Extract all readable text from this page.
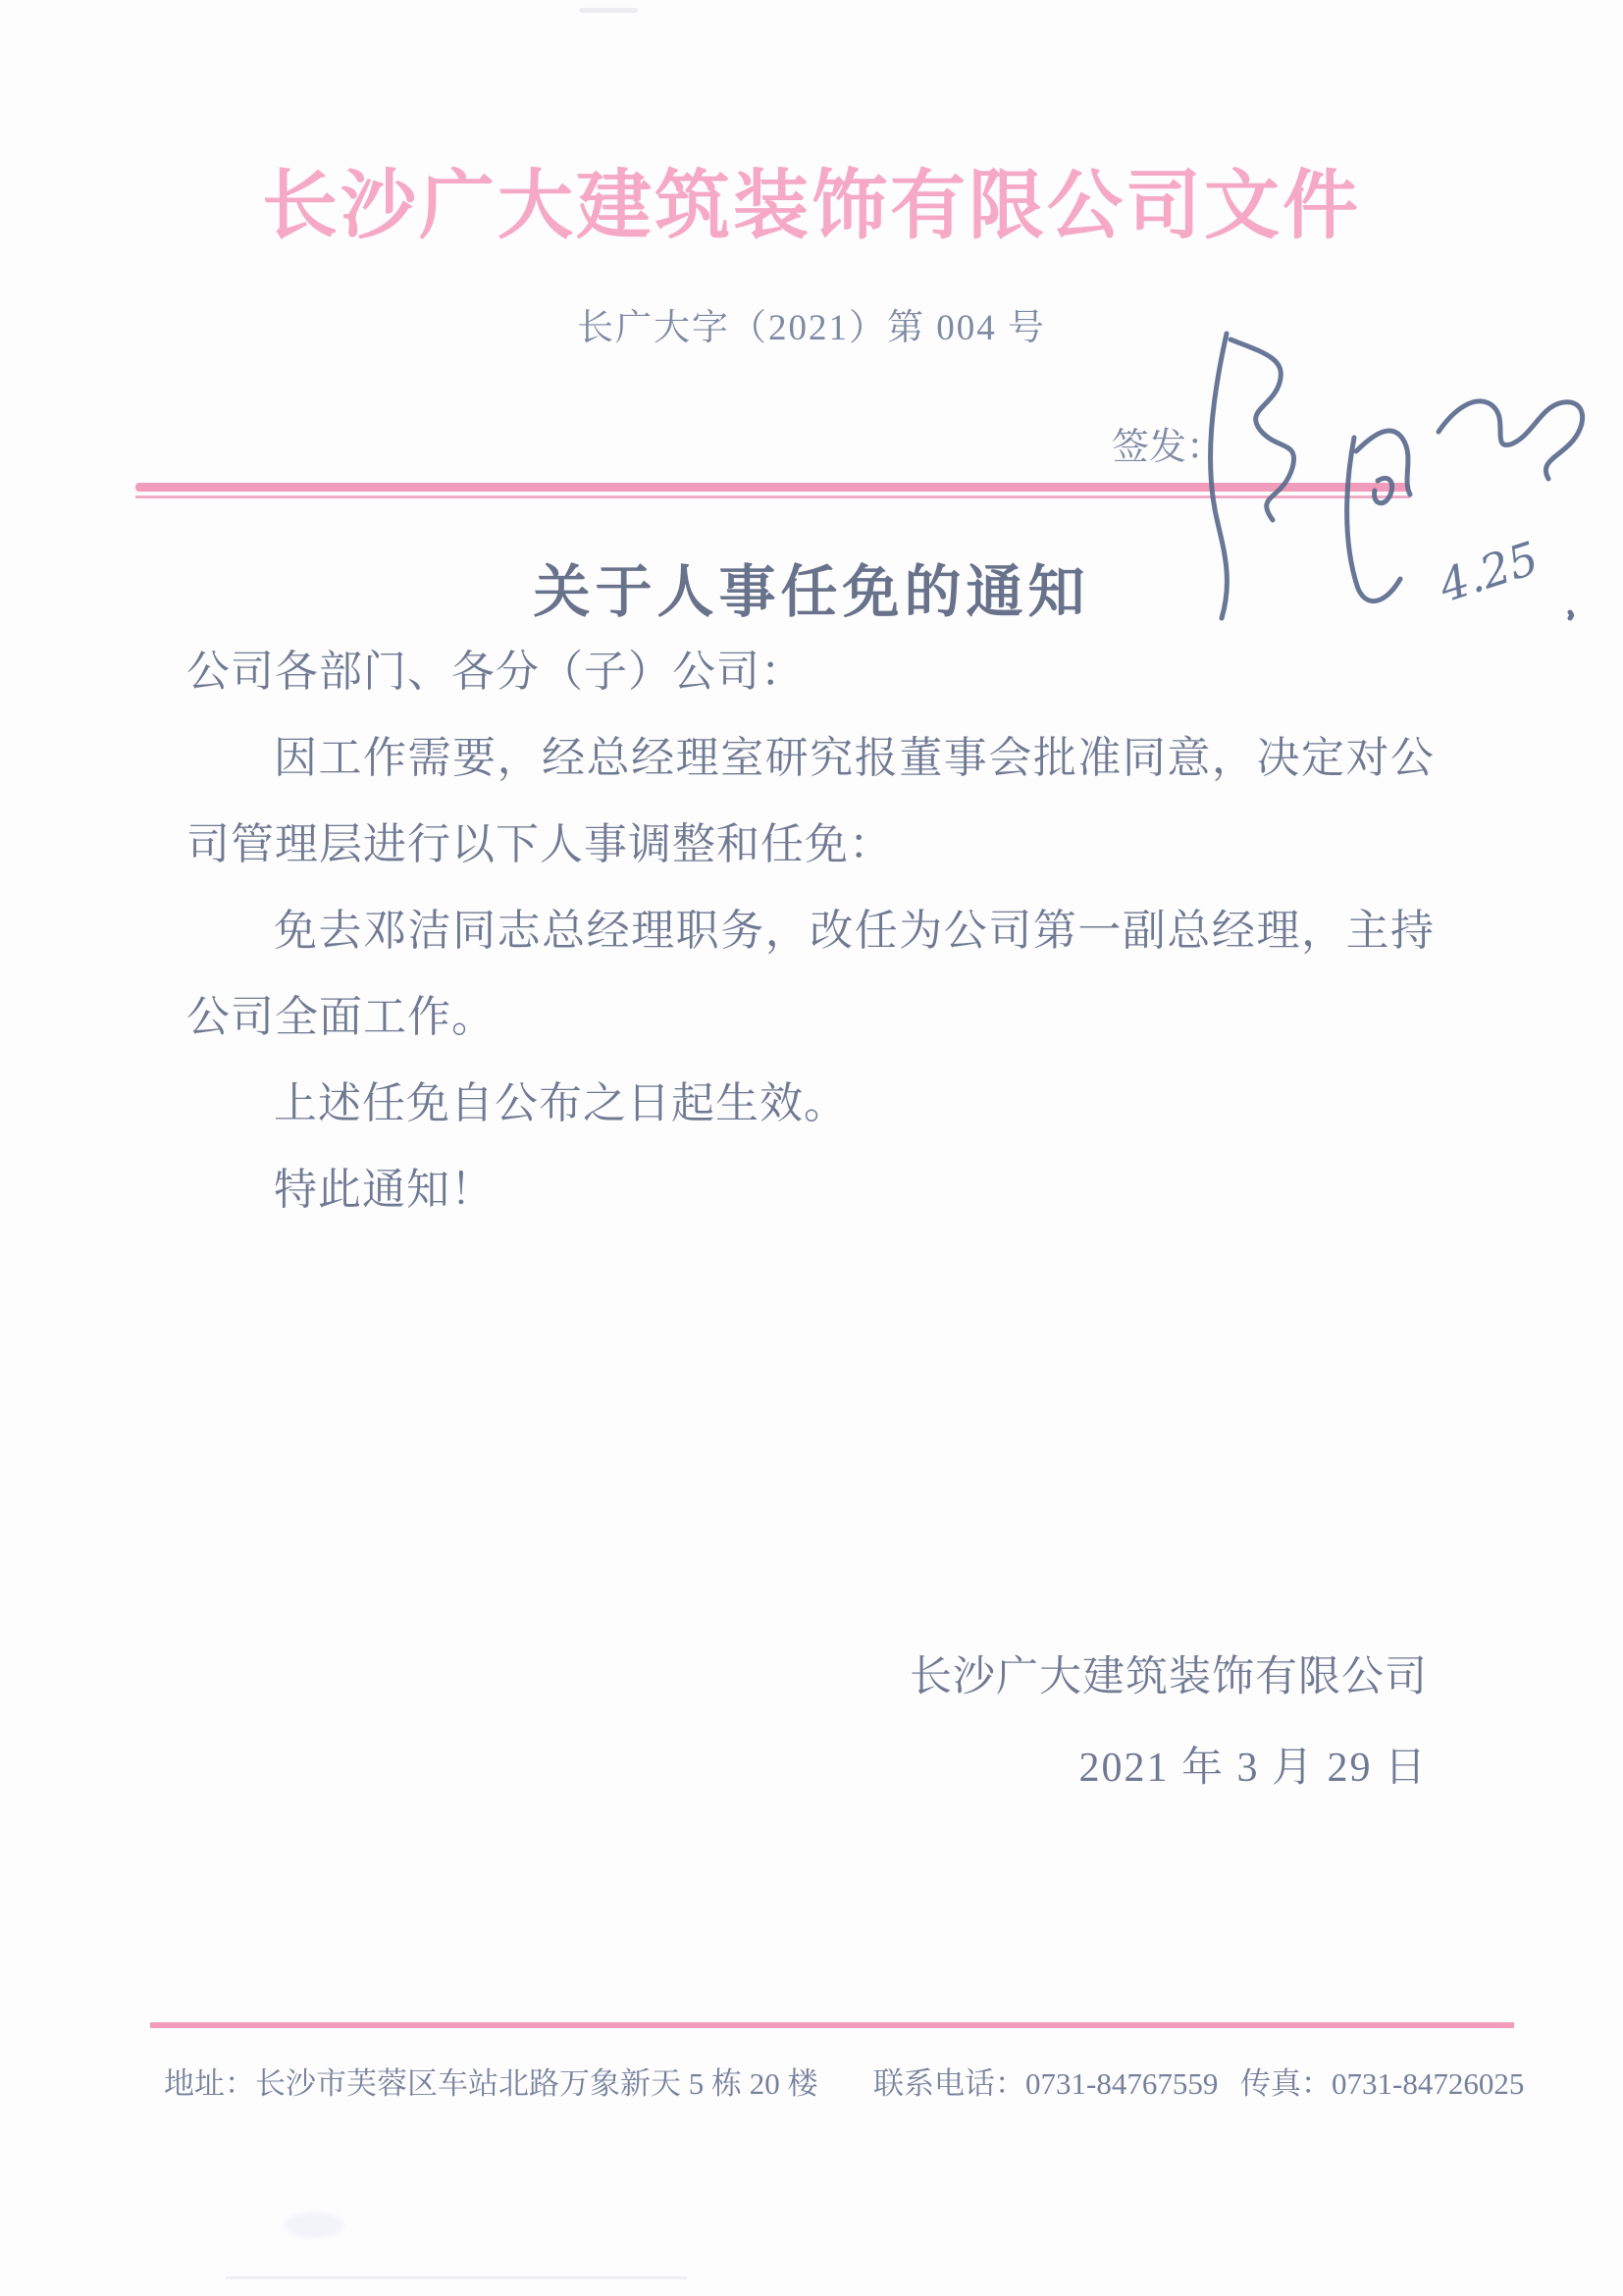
长沙广大建筑装饰有限公司文件
长广大字（2021）第 004 号
签发：
4.25
关于人事任免的通知
公司各部门、各分（子）公司：
因工作需要，经总经理室研究报董事会批准同意，决定对公
司管理层进行以下人事调整和任免：
免去邓洁同志总经理职务，改任为公司第一副总经理，主持
公司全面工作。
上述任免自公布之日起生效。
特此通知！
长沙广大建筑装饰有限公司
2021 年 3 月 29 日
地址：长沙市芙蓉区车站北路万象新天 5 栋 20 楼 联系电话：0731-84767559 传真：0731-84726025
